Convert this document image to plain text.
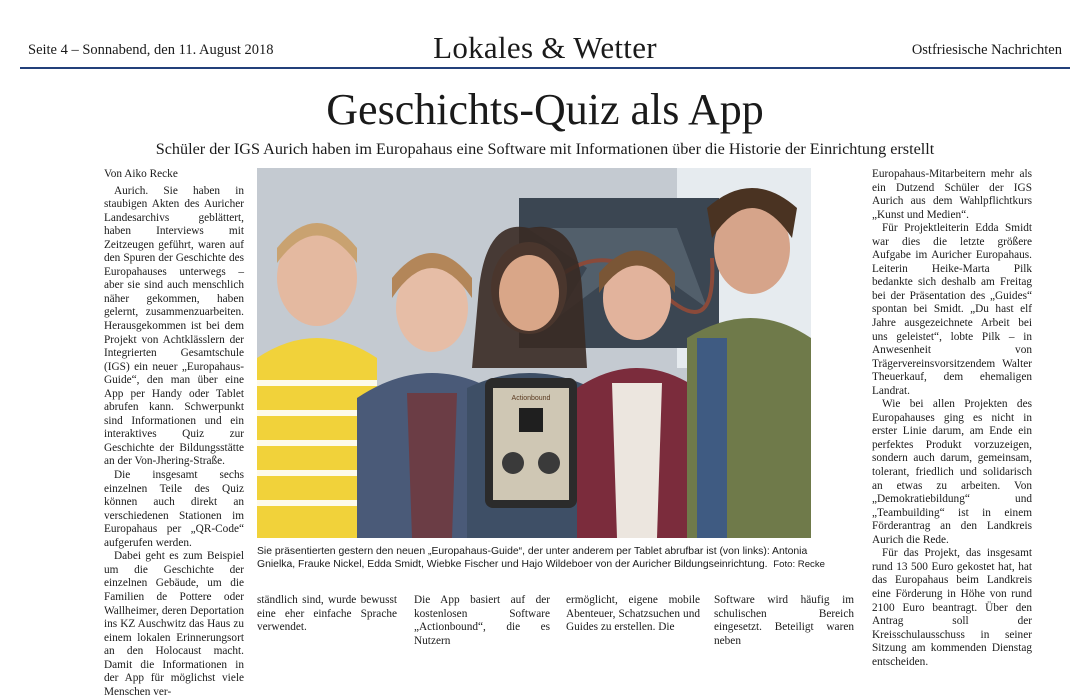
Seite 4 – Sonnabend, den 11. August 2018	Lokales & Wetter	Ostfriesische Nachrichten
Geschichts-Quiz als App
Schüler der IGS Aurich haben im Europahaus eine Software mit Informationen über die Historie der Einrichtung erstellt

Von Aiko Recke

Aurich. Sie haben in staubigen Akten des Auricher Landesarchivs geblättert, haben Interviews mit Zeitzeugen geführt, waren auf den Spuren der Geschichte des Europahauses unterwegs – aber sie sind auch menschlich näher gekommen, haben gelernt, zusammenzuarbeiten. Herausgekommen ist bei dem Projekt von Achtklässlern der Integrierten Gesamtschule (IGS) ein neuer „Europahaus-Guide“, den man über eine App per Handy oder Tablet abrufen kann. Schwerpunkt sind Informationen und ein interaktives Quiz zur Geschichte der Bildungsstätte an der Von-Jhering-Straße.

Die insgesamt sechs einzelnen Teile des Quiz können auch direkt an verschiedenen Stationen im Europahaus per „QR-Code“ aufgerufen werden.

Dabei geht es zum Beispiel um die Geschichte der einzelnen Gebäude, um die Familien de Pottere oder Wallheimer, deren Deportation ins KZ Auschwitz das Haus zu einem lokalen Erinnerungsort an den Holocaust macht. Damit die Informationen in der App für möglichst viele Menschen ver-

Actionbound
Sie präsentierten gestern den neuen „Europahaus-Guide“, der unter anderem per Tablet abrufbar ist (von links): Antonia Gnielka, Frauke Nickel, Edda Smidt, Wiebke Fischer und Hajo Wildeboer von der Auricher Bildungseinrichtung. Foto: Recke

Europahaus-Mitarbeitern mehr als ein Dutzend Schüler der IGS Aurich aus dem Wahlpflichtkurs „Kunst und Medien“.

Für Projektleiterin Edda Smidt war dies die letzte größere Aufgabe im Auricher Europahaus. Leiterin Heike-Marta Pilk bedankte sich deshalb am Freitag bei der Präsentation des „Guides“ spontan bei Smidt. „Du hast elf Jahre ausgezeichnete Arbeit bei uns geleistet“, lobte Pilk – in Anwesenheit von Trägervereinsvorsitzendem Walter Theuerkauf, dem ehemaligen Landrat.

Wie bei allen Projekten des Europahauses ging es nicht in erster Linie darum, am Ende ein perfektes Produkt vorzuzeigen, sondern auch darum, gemeinsam, tolerant, friedlich und solidarisch an etwas zu arbeiten. Von „Demokratiebildung“ und „Teambuilding“ ist in einem Förderantrag an den Landkreis Aurich die Rede.

Für das Projekt, das insgesamt rund 13 500 Euro gekostet hat, hat das Europahaus beim Landkreis eine Förderung in Höhe von rund 2100 Euro beantragt. Über den Antrag soll der Kreisschulausschuss in seiner Sitzung am kommenden Dienstag entscheiden.

ständlich sind, wurde bewusst eine eher einfache Sprache verwendet.
Die App basiert auf der kostenlosen Software „Actionbound“, die es Nutzern
ermöglicht, eigene mobile Abenteuer, Schatzsuchen und Guides zu erstellen. Die
Software wird häufig im schulischen Bereich eingesetzt. Beteiligt waren neben
